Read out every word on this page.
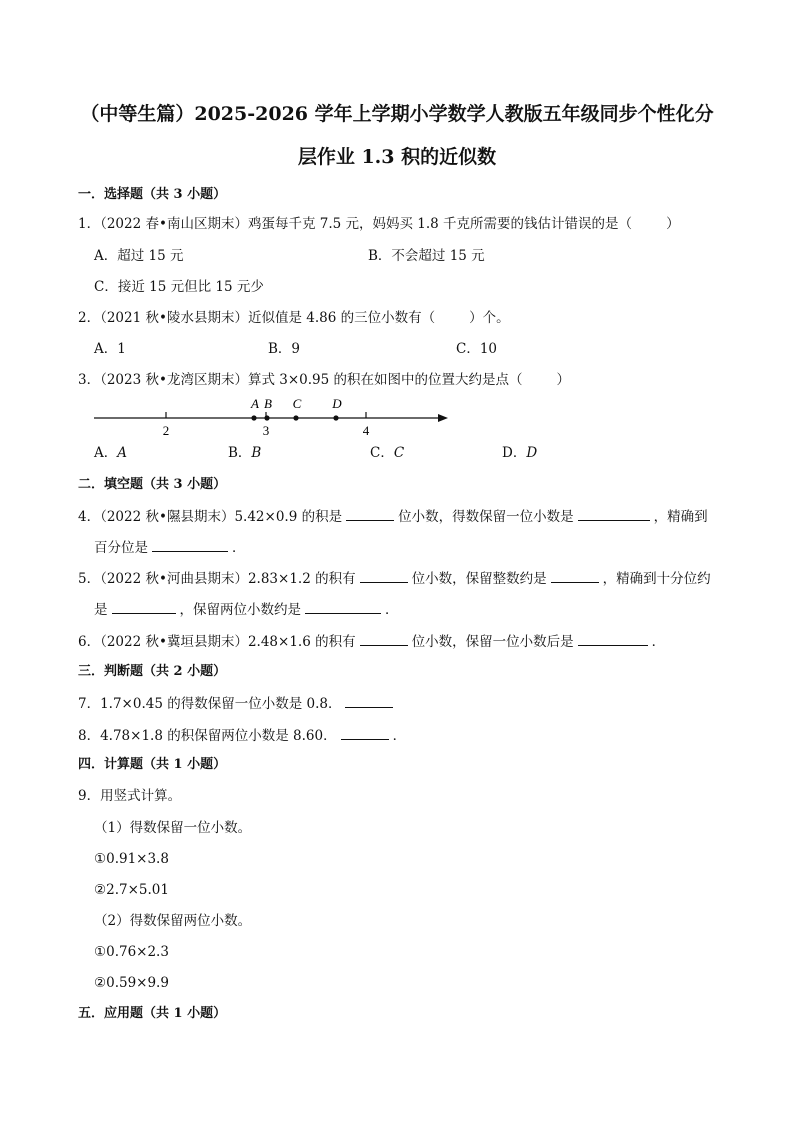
（中等生篇）2025-2026 学年上学期小学数学人教版五年级同步个性化分
层作业 1.3 积的近似数
一．选择题（共 3 小题）
1．（2022 春•南山区期末）鸡蛋每千克 7.5 元，妈妈买 1.8 千克所需要的钱估计错误的是（	）
A．超过 15 元	B．不会超过 15 元
C．接近 15 元但比 15 元少
2．（2021 秋•陵水县期末）近似值是 4.86 的三位小数有（	）个。
A．1	B．9	C．10
3．（2023 秋•龙湾区期末）算式 3×0.95 的积在如图中的位置大约是点（	）
2	3	4
A B C D
A．A	B．B	C．C	D．D
二．填空题（共 3 小题）
4．（2022 秋•隰县期末）5.42×0.9 的积是	位小数，得数保留一位小数是	，精确到
百分位是	．
5．（2022 秋•河曲县期末）2.83×1.2 的积有	位小数，保留整数约是	，精确到十分位约
是	，保留两位小数约是	．
6．（2022 秋•冀垣县期末）2.48×1.6 的积有	位小数，保留一位小数后是	．
三．判断题（共 2 小题）
7．1.7×0.45 的得数保留一位小数是 0.8．
8．4.78×1.8 的积保留两位小数是 8.60．	．
四．计算题（共 1 小题）
9．用竖式计算。
（1）得数保留一位小数。
①0.91×3.8
②2.7×5.01
（2）得数保留两位小数。
①0.76×2.3
②0.59×9.9
五．应用题（共 1 小题）
